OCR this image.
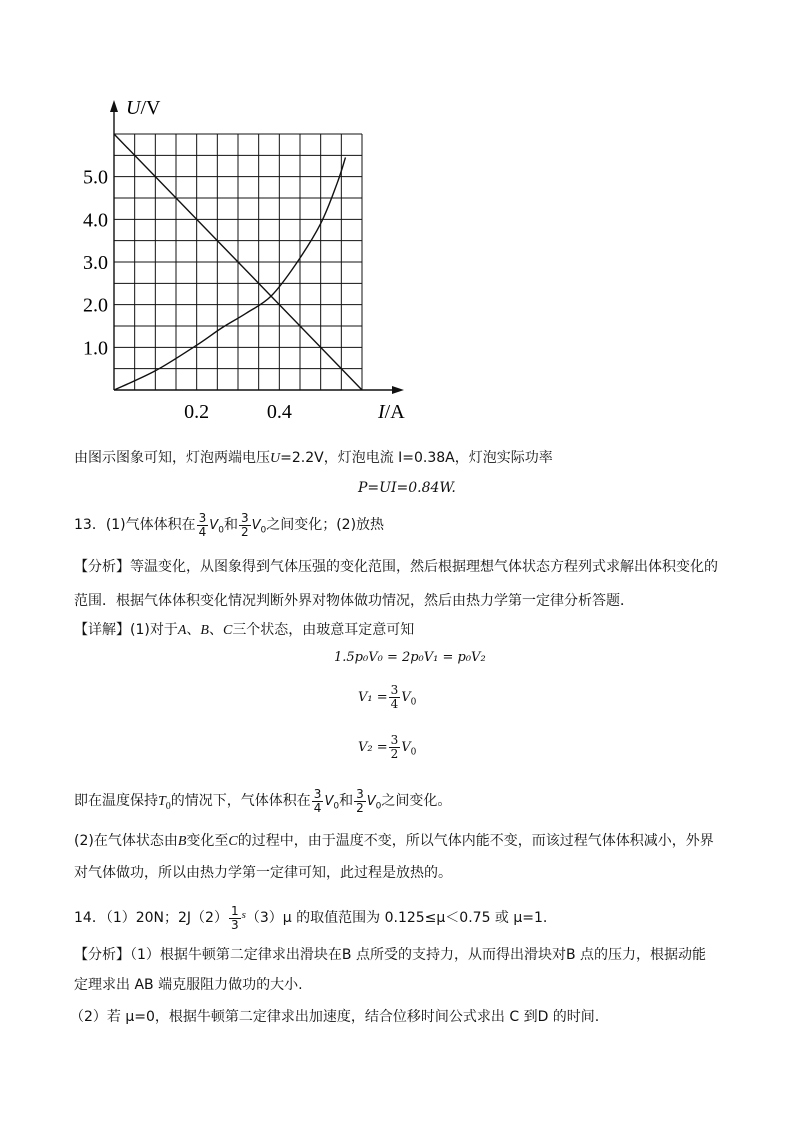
1.0
2.0
3.0
4.0
5.0
0.2	0.4
U/V
I/A
由图示图象可知，灯泡两端电压U=2.2V，灯泡电流 I=0.38A，灯泡实际功率
P=UI=0.84W.
13．(1)气体体积在 $\frac{3}{4} V_0$和 $\frac{3}{2} V_0$之间变化；(2)放热
【分析】等温变化，从图象得到气体压强的变化范围，然后根据理想气体状态方程列式求解出体积变化的
范围．根据气体体积变化情况判断外界对物体做功情况，然后由热力学第一定律分析答题．
【详解】(1)对于A、B、C三个状态，由玻意耳定意可知
1.5p₀V₀ = 2p₀V₁ = p₀V₂
$V_1 = \frac{3}{4} V_0$
$V_2 = \frac{3}{2} V_0$
即在温度保持$T_0$的情况下，气体体积在 $\frac{3}{4} V_0$和 $\frac{3}{2} V_0$之间变化。
(2)在气体状态由B变化至C的过程中，由于温度不变，所以气体内能不变，而该过程气体体积减小，外界
对气体做功，所以由热力学第一定律可知，此过程是放热的。
14．（1）20N；$2J(2) \frac{1}{3} ^s(3)\mu$ 的取值范围为 0.125≤μ＜0.75 或 μ=1.
【分析】（1）根据牛顿第二定律求出滑块在B 点所受的支持力，从而得出滑块对B 点的压力，根据动能
定理求出 AB 端克服阻力做功的大小.
（2）若 μ=0，根据牛顿第二定律求出加速度，结合位移时间公式求出 C 到D 的时间.
